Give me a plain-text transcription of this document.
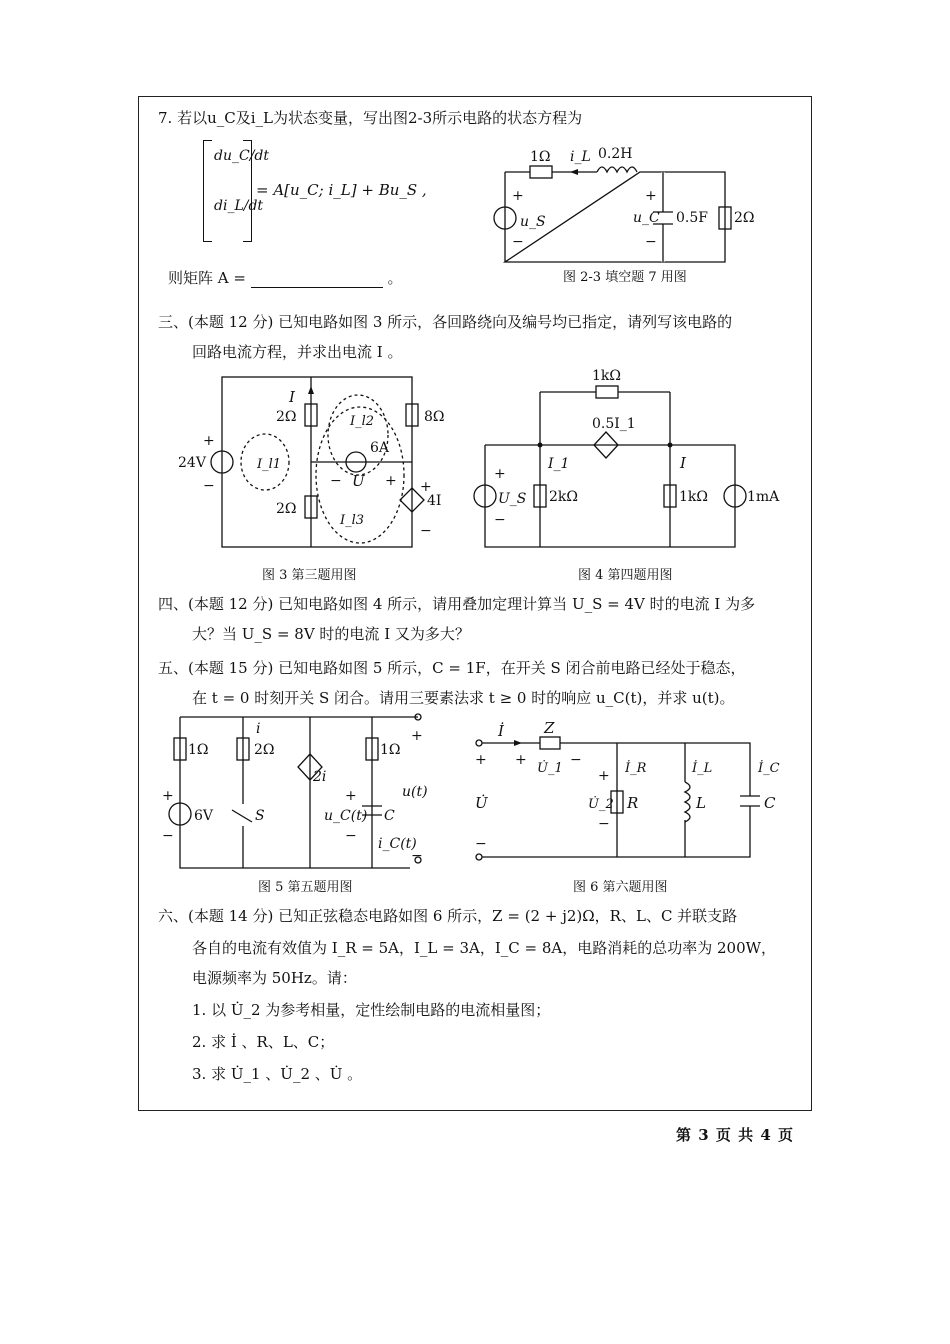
7. 若以u_C及i_L为状态变量，写出图2-3所示电路的状态方程为
du_C/dt
di_L/dt
= A[u_C; i_L] + Bu_S ,
则矩阵 A =	。
+
−
+
−
1Ω i_L 0.2H
u_S	u_C 0.5F 2Ω
图 2-3 填空题 7 用图
三、(本题 12 分) 已知电路如图 3 所示，各回路绕向及编号均已指定，请列写该电路的
回路电流方程，并求出电流 I 。
+
−	−	+ +
−
I
2Ω
2Ω
8Ω
24V	I_l1
I_l2
I_l3
6A
U
4I
图 3 第三题用图
+
−
1kΩ
0.5I_1
I_1	I
U_S 2kΩ	1kΩ	1mA
图 4 第四题用图
四、(本题 12 分) 已知电路如图 4 所示，请用叠加定理计算当 U_S = 4V 时的电流 I 为多
大？当 U_S = 8V 时的电流 I 又为多大？
五、(本题 15 分) 已知电路如图 5 所示，C = 1F，在开关 S 闭合前电路已经处于稳态，
在 t = 0 时刻开关 S 闭合。请用三要素法求 t ≥ 0 时的响应 u_C(t)，并求 u(t)。
+
−
+
−
+
−
1Ω
i
2Ω	1Ω
6V	S
2i
u(t)
u_C(t) C
i_C(t)
图 5 第五题用图
+
−
+	−
+
−
İ	Z
U̇_1
U̇	U̇_2
İ_R	İ_L	İ_C
R	L	C
图 6 第六题用图
六、(本题 14 分) 已知正弦稳态电路如图 6 所示，Z = (2 + j2)Ω，R、L、C 并联支路
各自的电流有效值为 I_R = 5A，I_L = 3A，I_C = 8A，电路消耗的总功率为 200W，
电源频率为 50Hz。请：
1. 以 U̇_2 为参考相量，定性绘制电路的电流相量图；
2. 求 İ 、R、L、C；
3. 求 U̇_1 、U̇_2 、U̇ 。
第 3 页 共 4 页
